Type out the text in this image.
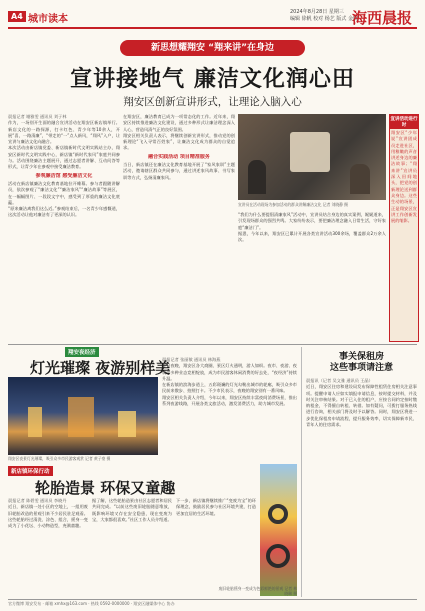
A4 城市读本
2024年8月28日 星期三
编辑 徐帆 校对 杨艺 版式 金晓
海西晨报
新思想耀翔安 “翔来讲”在身边
宣讲接地气 廉洁文化润心田
翔安区创新宣讲形式，让理论入脑入心

晨报记者 谢雅雯 通讯员 刘子林

作为，一场别开生面的融合宣讲活动在翔安区新店镇举行。新店文化的一路探源，打卡红色、青少年等10余人，开展“喜，一路清廉”，“带走的“一”点人新风，“翔风”入户，让宣讲与廉洁文化向融合。

本次活动由新店镇党委、新店镇新时代文明实践站主办，翔安区新时代文明实践中心，新店镇“新时代家风”家庭共同参与。活动围绕廉洁主题展开，通过志愿者讲解、互动问答等形式，让青少年在参观中接受廉洁教育。

参观廉洁馆 感受廉洁文化

活动在新店镇廉洁文化教育基地拉开帷幕。参与者跟随讲解员，依次参观了“廉洁文化”“廉洁家风”“廉洁故事”等展区，在一幅幅图片、一段段文字中，感受到了厚重的廉洁文化底蕴。

“原来廉洁离我们这么近。”参观结束后，一名青少年感慨道，这次活动让他对廉洁有了更深的认识。

在翔安区，廉洁教育已成为一项常态化的工作。近年来，翔安区持续推进廉洁文化建设，通过多种形式让廉洁理念深入人心，营造风清气正的良好氛围。

翔安区相关负责人表示，将继续创新宣讲形式，推动党的创新理论“飞入寻常百姓家”，让廉洁文化成为群众的自觉追求。

融合实践活动 项目精准服务

当日，新店镇还在廉洁文化教育基地开展了“家风家训”主题活动，邀请辖区群众共同参与，通过讲述家风故事、书写家训等方式，弘扬清廉家风。

宣讲员在活动现场为参加活动的群众讲解廉洁文化 记者 刘晓静 摄

“我们为什么要提倡清廉家风”活动中，宣讲员结合身边的真实案例，娓娓道来，引发现场群众的强烈共鸣。大家纷纷表示，要把廉洁理念融入日常生活，守好家庭“廉洁门”。

据悉，今年以来，翔安区已累计开展各类宣讲活动300余场，覆盖群众2万余人次。

宣讲活动进行时

翔安区“少年说”宣讲团成员走进社区，用稚嫩的声音讲述身边的廉洁故事；“翔来讲”宣讲员深入田间地头，把党的创新理论送到群众身边。这些生动的场景，正是翔安区宣讲工作创新发展的缩影。

翔安夜经济
灯光璀璨 夜游别样美
翔安区夜景灯光璀璨，吸引众多市民游客观赏 记者 黄子豪 摄

晨报记者 张丽敏 通讯员 林海燕

夏日夜晚，翔安区各大商圈、景区灯火通明，游人如织。夜市、夜游、夜娱等多种业态竞相绽放，成为市民游客休闲消费的好去处，“夜经济”持续升温。

在新店镇的滨海步道上，五彩斑斓的灯光勾勒出城市的轮廓，吸引众多市民前来散步、拍照打卡。不少市民表示，夜晚的翔安别有一番风味。

翔安区相关负责人介绍，今年以来，翔安区持续丰富夜间消费场景，推出系列夜游线路，开展各类文旅活动，激发消费活力，助力城市发展。

新店镇环保行动
轮胎造景 环保又童趣

晨报记者 陈碧雯 通讯员 李晓丹

近日，新店镇一处小区的空地上，一组用废旧轮胎改造的景观引来不少居民驻足观看。这些轮胎经过清洗、涂色、组合，摇身一变成为了小花坛、小动物造型，充满童趣。

据了解，这些轮胎造景由社区志愿者和居民共同完成。“以前这些废旧轮胎随意堆放，既影响环境又存在安全隐患，现在变废为宝，大家都很喜欢。”社区工作人员介绍道。

下一步，新店镇将继续推广“变废为宝”的环保理念，鼓励居民参与社区环境共建，打造更加宜居的生活环境。

废旧轮胎摇身一变成为色彩鲜艳的景观 记者 林晓琳 摄
事关保租房
这些事项请注意

晨报讯（记者 吴文雅 通讯员 王晶）

近日，翔安区住房和建设局发布保障性租赁住房相关注意事项。提醒申请人应如实填报申请信息，按时提交材料，并及时关注审核结果。对于已入住的租户，应按合同约定按时缴纳租金，不得擅自转租、转借。如有疑问，可拨打服务热线进行咨询，相关部门将及时予以解答。同时，翔安区将进一步优化保租房申请流程，提升服务效率，切实保障新市民、青年人的住房需求。

官方微博 翔安发布 · 邮箱 xmhx@163.com · 热线 0592-0000000 · 翔安区融媒体中心 协办
